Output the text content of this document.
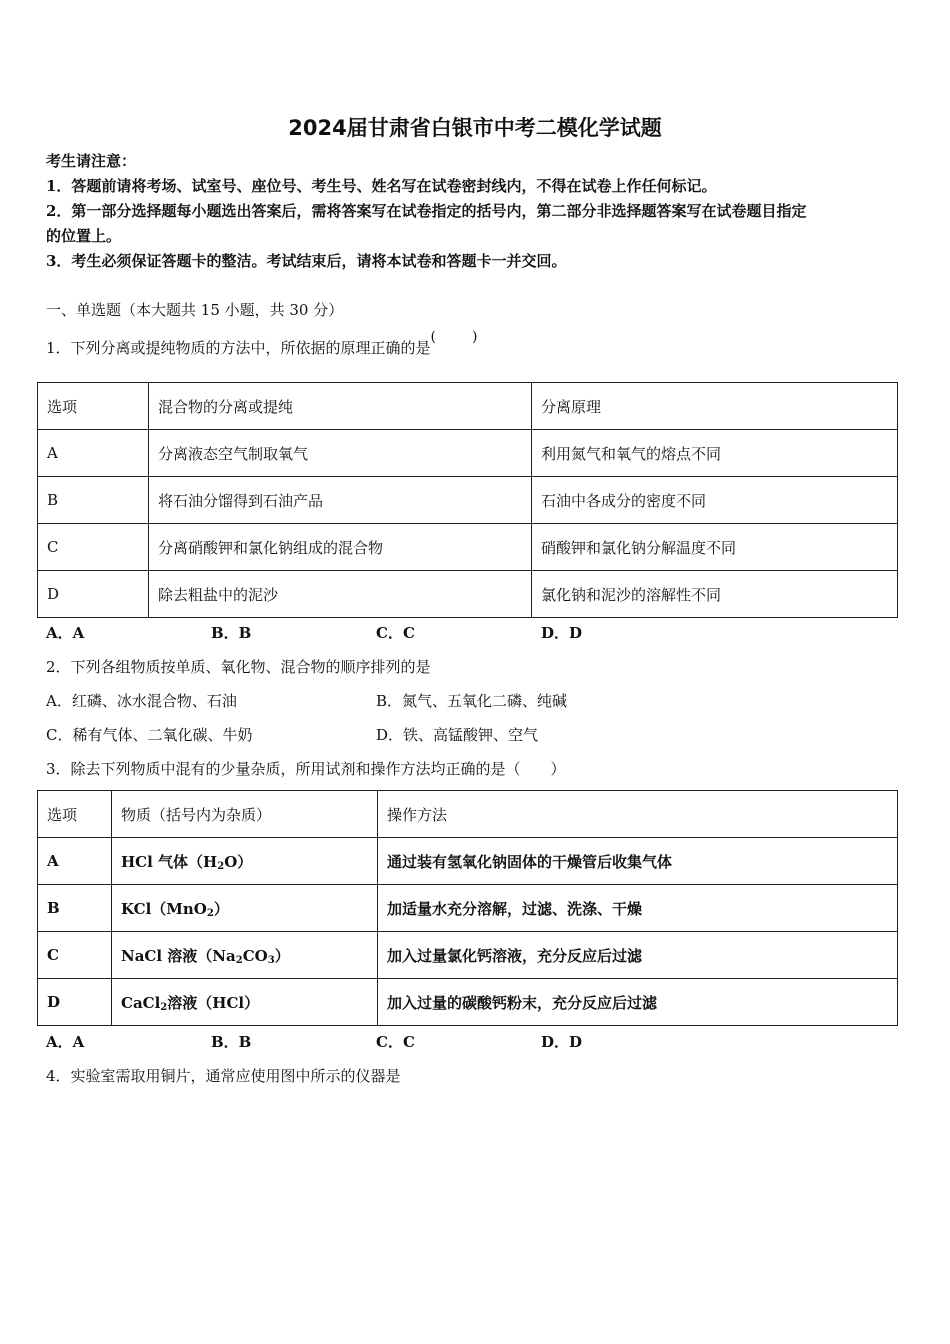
2024届甘肃省白银市中考二模化学试题
考生请注意：
1．答题前请将考场、试室号、座位号、考生号、姓名写在试卷密封线内，不得在试卷上作任何标记。
2．第一部分选择题每小题选出答案后，需将答案写在试卷指定的括号内，第二部分非选择题答案写在试卷题目指定
的位置上。
3．考生必须保证答题卡的整洁。考试结束后，请将本试卷和答题卡一并交回。
一、单选题（本大题共 15 小题，共 30 分）
1．下列分离或提纯物质的方法中，所依据的原理正确的是(	)
选项	混合物的分离或提纯	分离原理
A	分离液态空气制取氧气	利用氮气和氧气的熔点不同
B	将石油分馏得到石油产品	石油中各成分的密度不同
C	分离硝酸钾和氯化钠组成的混合物	硝酸钾和氯化钠分解温度不同
D	除去粗盐中的泥沙	氯化钠和泥沙的溶解性不同
A．A	B．B	C．C	D．D
2．下列各组物质按单质、氧化物、混合物的顺序排列的是
A．红磷、冰水混合物、石油	B．氮气、五氧化二磷、纯碱
C．稀有气体、二氧化碳、牛奶	D．铁、高锰酸钾、空气
3．除去下列物质中混有的少量杂质，所用试剂和操作方法均正确的是（　　）
选项	物质（括号内为杂质）	操作方法
A	HCl 气体$(H_2O)$	通过装有氢氧化钠固体的干燥管后收集气体
B	KCl（MnO$_2$）	加适量水充分溶解，过滤、洗涤、干燥
C	NaCl 溶液$(Na_2CO_3)$	加入过量氯化钙溶液，充分反应后过滤
D	CaCl$_2$溶液（HCl）	加入过量的碳酸钙粉末，充分反应后过滤
A．A	B．B	C．C	D．D
4．实验室需取用铜片，通常应使用图中所示的仪器是
